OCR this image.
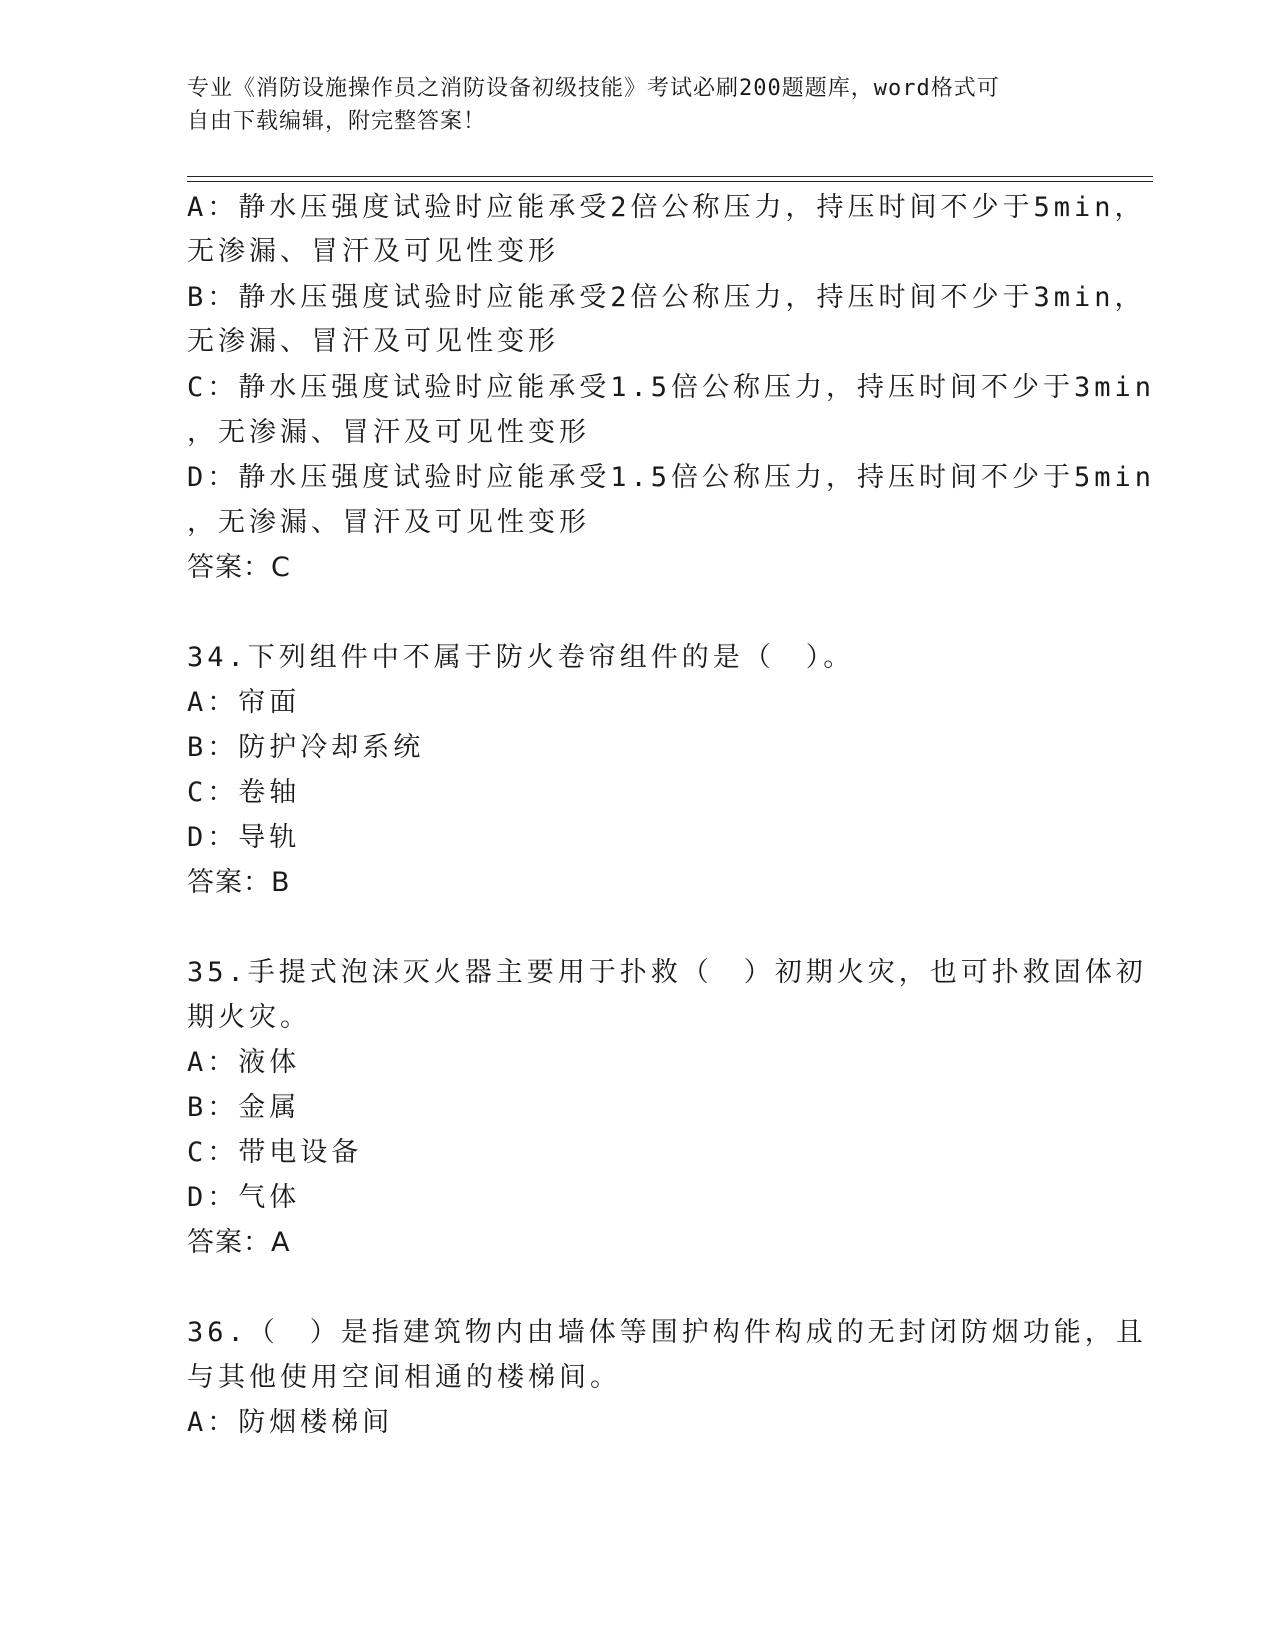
专业《消防设施操作员之消防设备初级技能》考试必刷200题题库，word格式可
自由下载编辑，附完整答案！
A：静水压强度试验时应能承受2倍公称压力，持压时间不少于5min，
无渗漏、冒汗及可见性变形
B：静水压强度试验时应能承受2倍公称压力，持压时间不少于3min，
无渗漏、冒汗及可见性变形
C：静水压强度试验时应能承受1.5倍公称压力，持压时间不少于3min
，无渗漏、冒汗及可见性变形
D：静水压强度试验时应能承受1.5倍公称压力，持压时间不少于5min
，无渗漏、冒汗及可见性变形
答案：C
34.下列组件中不属于防火卷帘组件的是（　）。
A：帘面
B：防护冷却系统
C：卷轴
D：导轨
答案：B
35.手提式泡沫灭火器主要用于扑救（　）初期火灾，也可扑救固体初
期火灾。
A：液体
B：金属
C：带电设备
D：气体
答案：A
36.（　）是指建筑物内由墙体等围护构件构成的无封闭防烟功能，且
与其他使用空间相通的楼梯间。
A：防烟楼梯间
